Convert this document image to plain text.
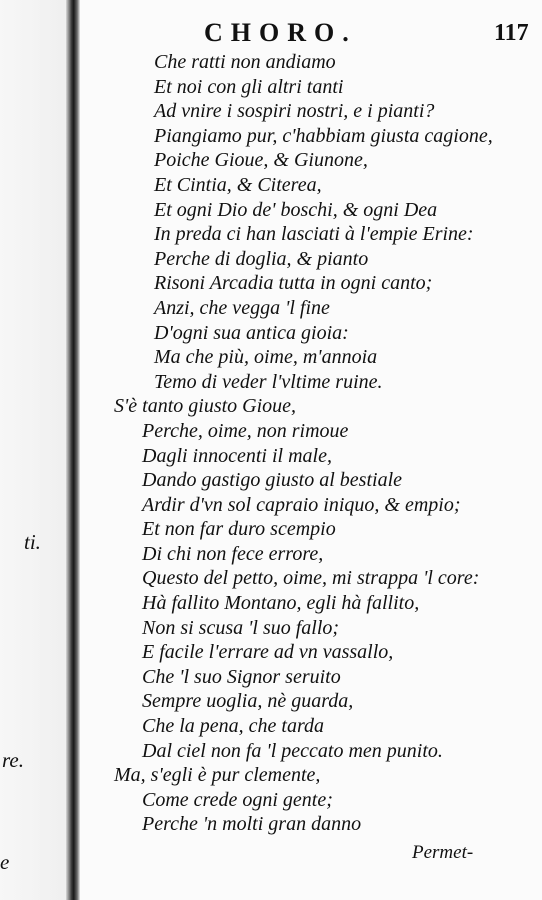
ti.
re.
e
CHORO.	117
Che ratti non andiamo
Et noi con gli altri tanti
Ad vnire i sospiri nostri, e i pianti?
Piangiamo pur, c'habbiam giusta cagione,
Poiche Gioue, & Giunone,
Et Cintia, & Citerea,
Et ogni Dio de' boschi, & ogni Dea
In preda ci han lasciati à l'empie Erine:
Perche di doglia, & pianto
Risoni Arcadia tutta in ogni canto;
Anzi, che vegga 'l fine
D'ogni sua antica gioia:
Ma che più, oime, m'annoia
Temo di veder l'vltime ruine.
S'è tanto giusto Gioue,
Perche, oime, non rimoue
Dagli innocenti il male,
Dando gastigo giusto al bestiale
Ardir d'vn sol capraio iniquo, & empio;
Et non far duro scempio
Di chi non fece errore,
Questo del petto, oime, mi strappa 'l core:
Hà fallito Montano, egli hà fallito,
Non si scusa 'l suo fallo;
E facile l'errare ad vn vassallo,
Che 'l suo Signor seruito
Sempre uoglia, nè guarda,
Che la pena, che tarda
Dal ciel non fa 'l peccato men punito.
Ma, s'egli è pur clemente,
Come crede ogni gente;
Perche 'n molti gran danno
Permet-
